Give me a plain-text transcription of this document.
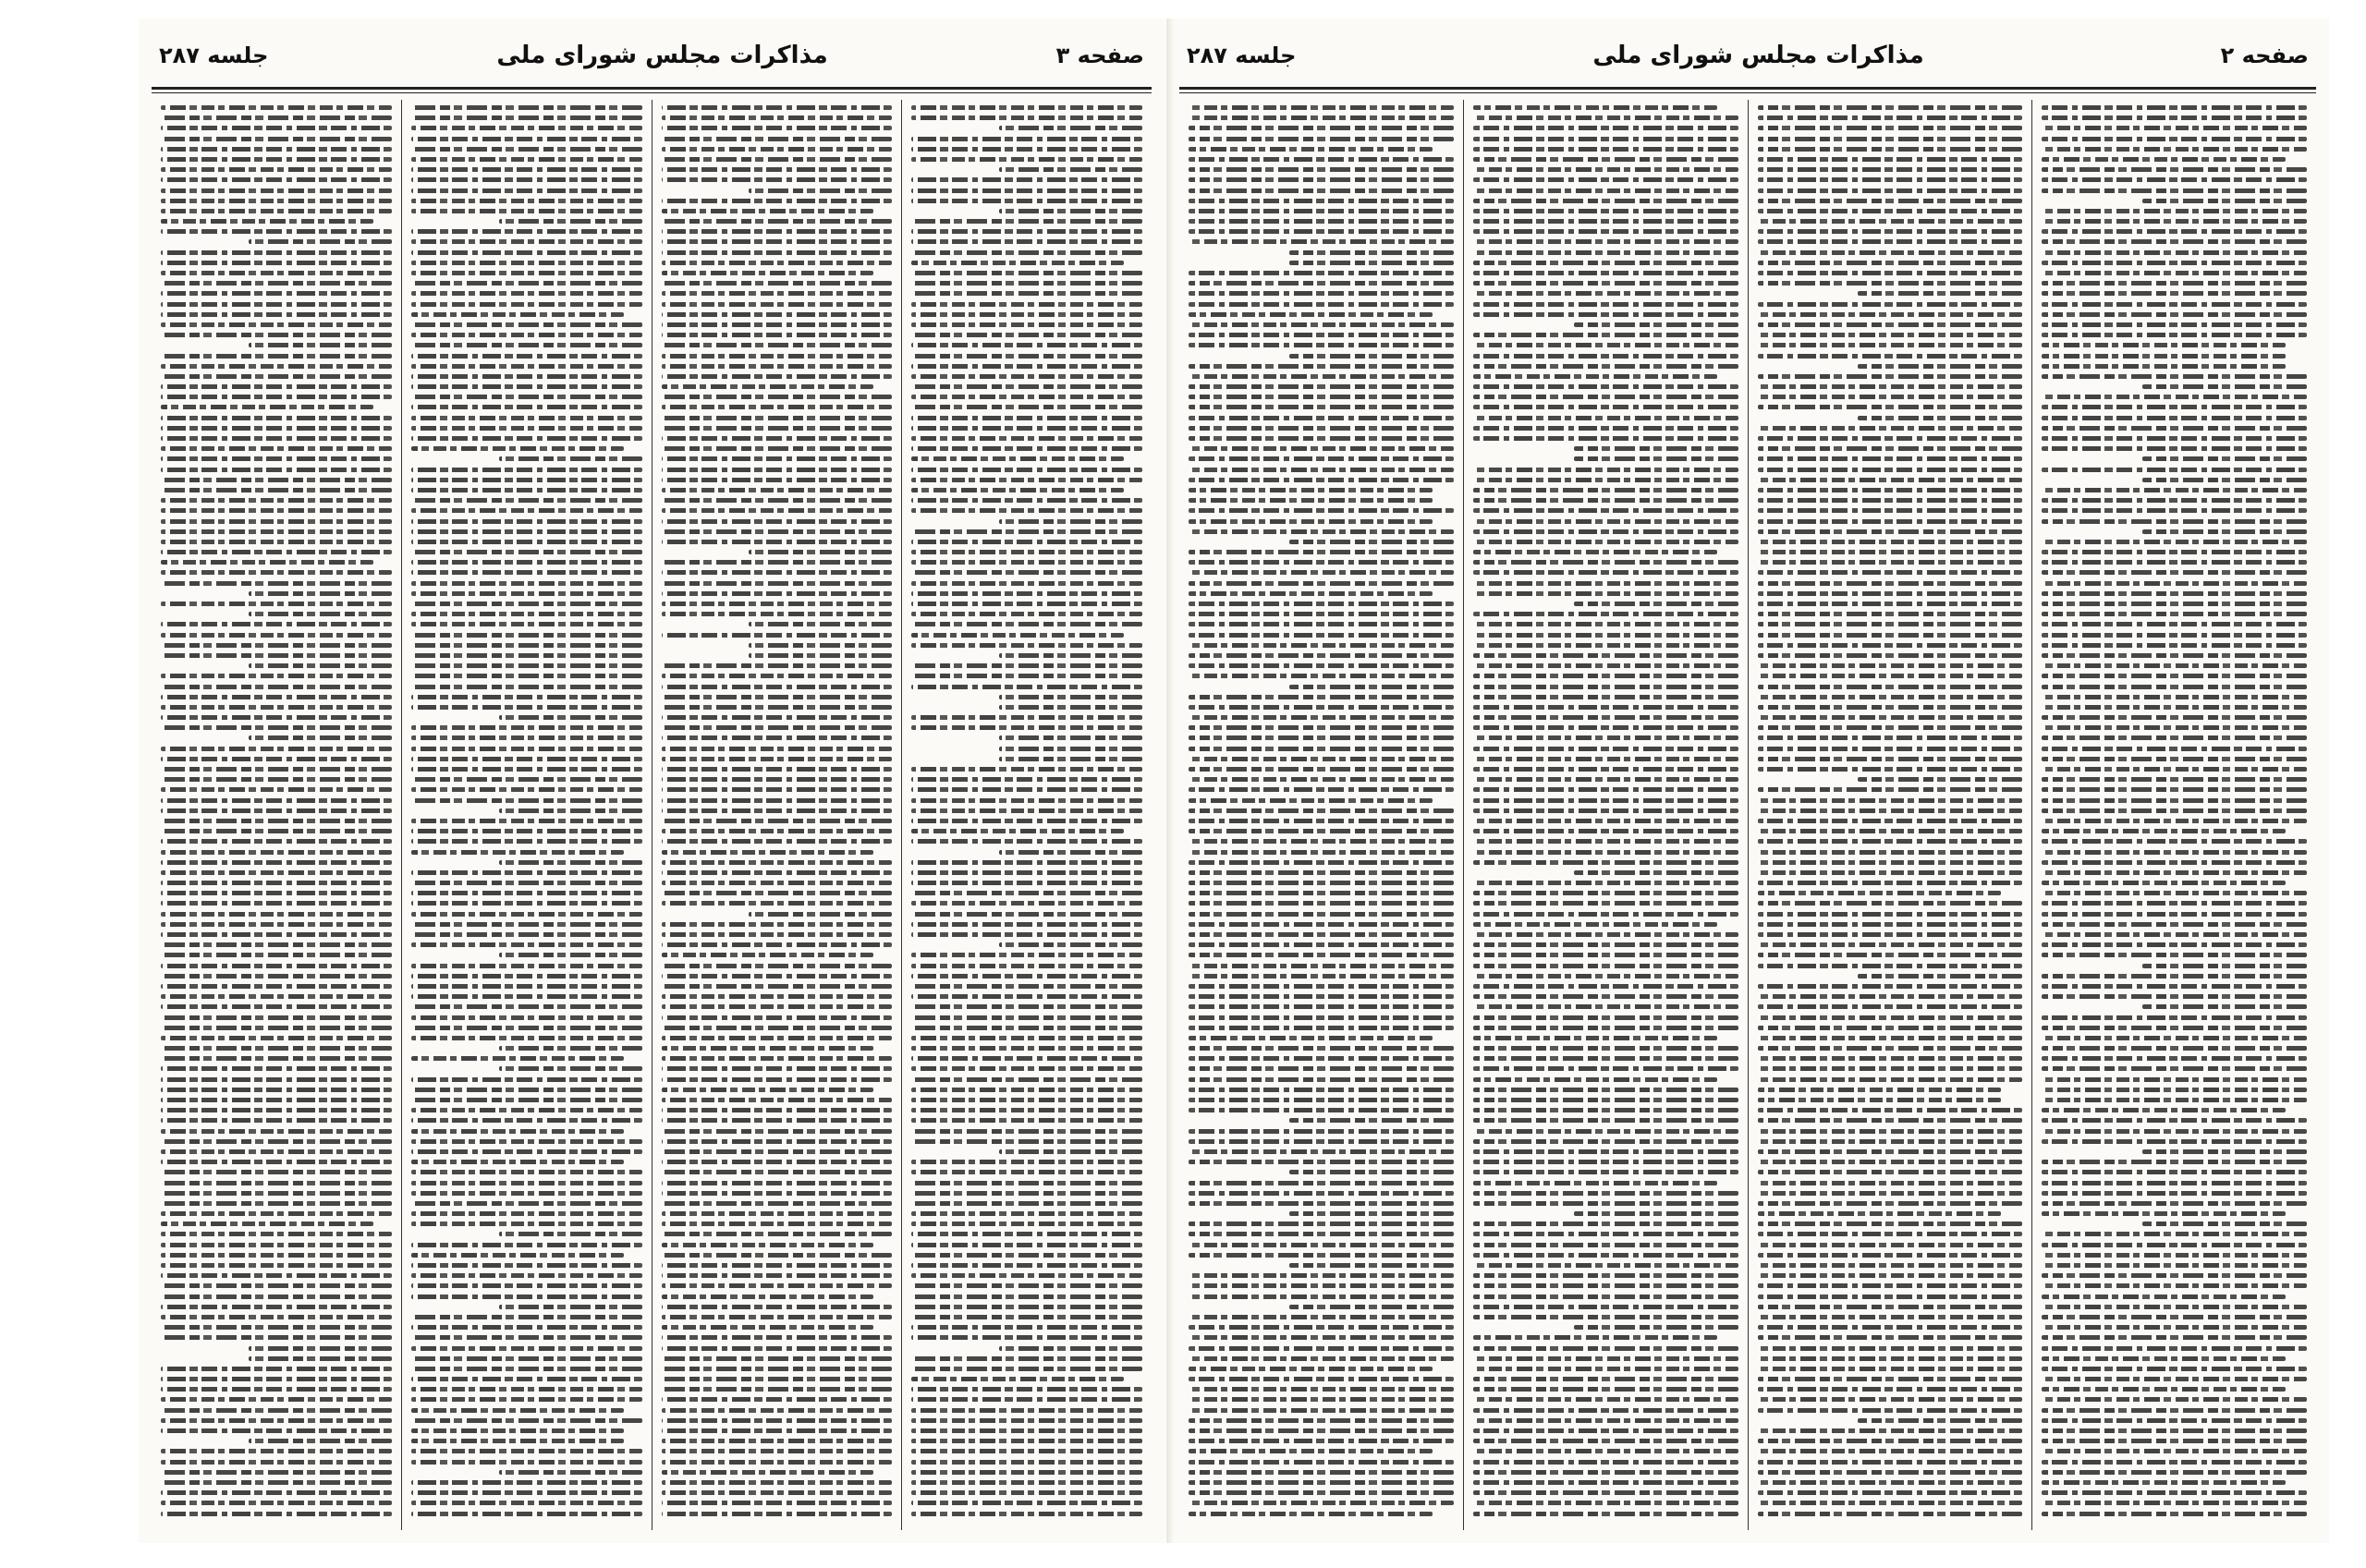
صفحه ۳
مذاکرات مجلس شورای ملی
جلسه ۲۸۷	صفحه ۲
مذاکرات مجلس شورای ملی
جلسه ۲۸۷
